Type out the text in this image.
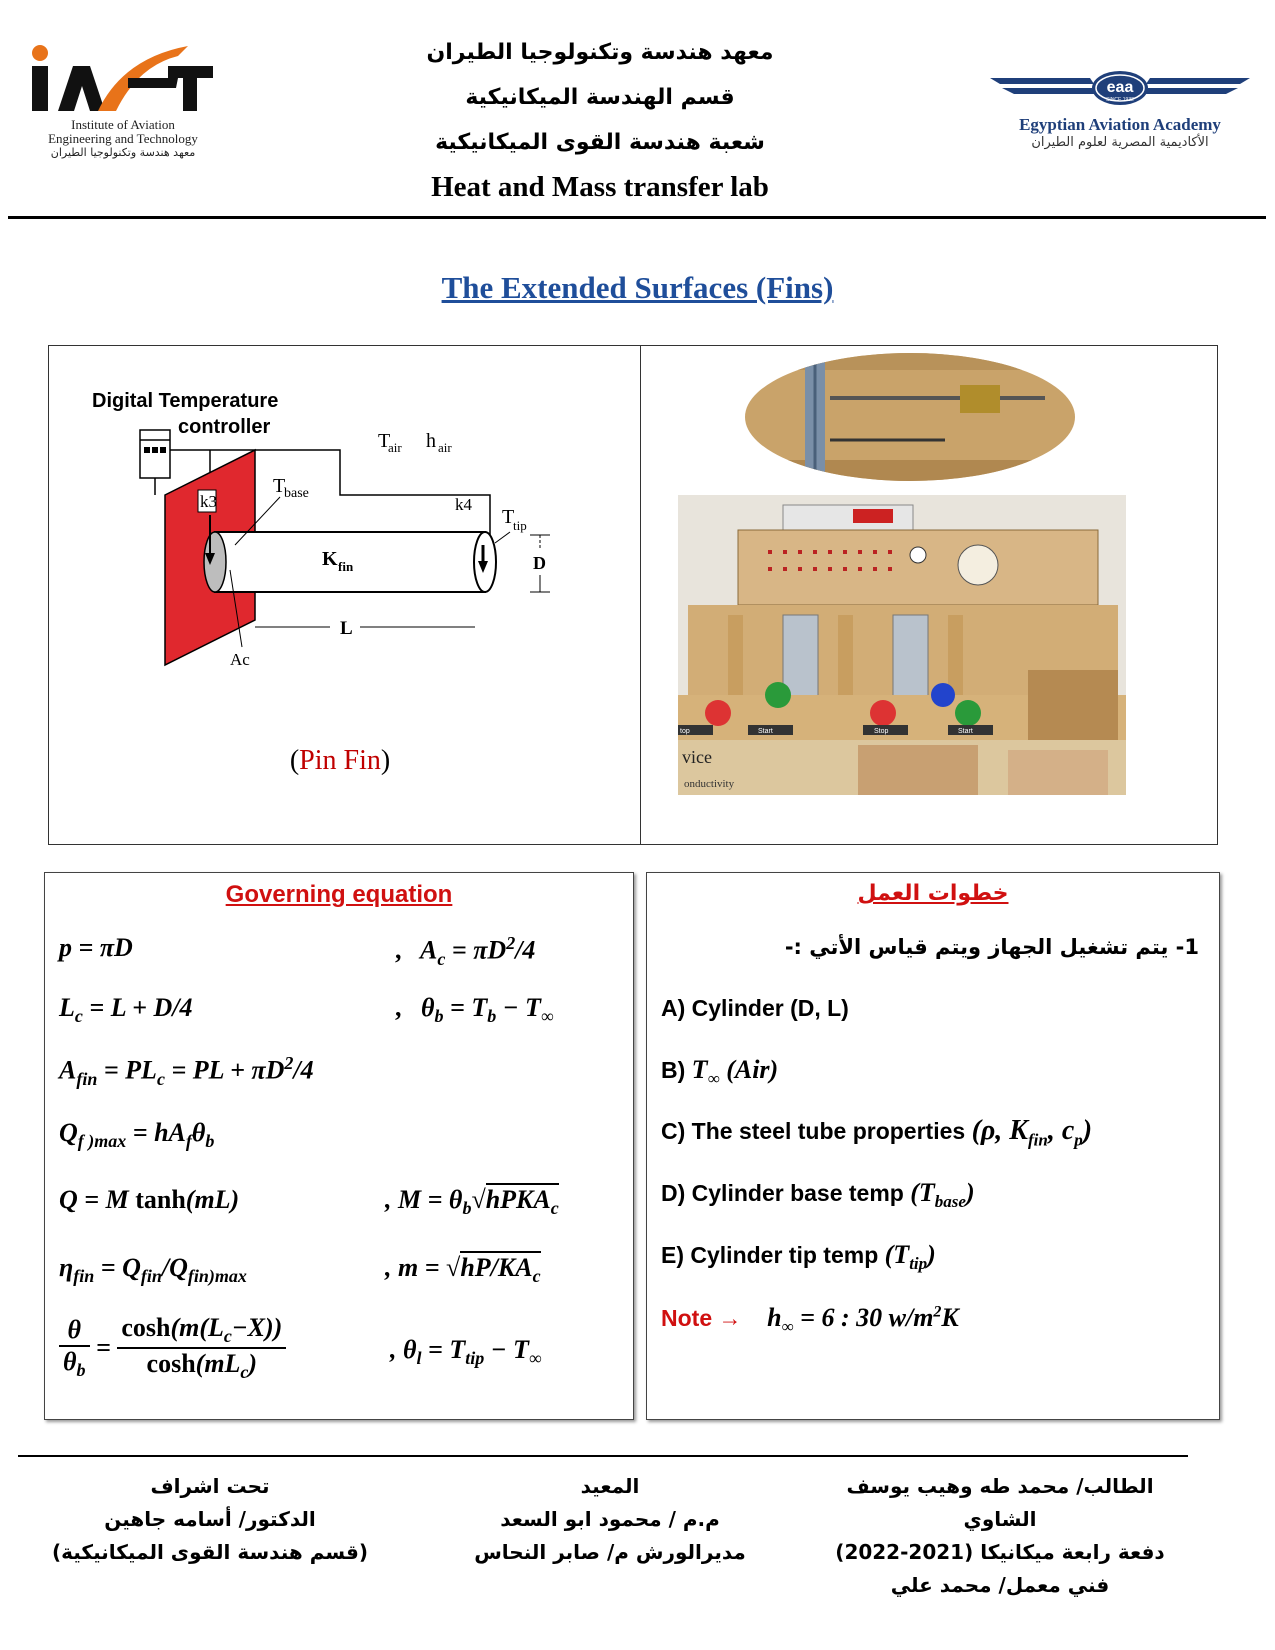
Institute of Aviation
Engineering and Technology
معهد هندسة وتكنولوجيا الطيران
معهد هندسة وتكنولوجيا الطيران
قسم الهندسة الميكانيكية
شعبة هندسة القوى الميكانيكية
Heat and Mass transfer lab
eaa
SINCE 1932
Egyptian Aviation Academy
الأكاديمية المصرية لعلوم الطيران
The Extended Surfaces (Fins)
Digital Temperature
controller
k3	k4
T
base
T
air h air
K fin
T
tip
D
L
Ac
(Pin Fin)
top	Start	Stop	Start
vice
onductivity
Governing equation
p = πD	,   $A_c = \pi D^2/4$
$L_c = L + D/4$	,   $\theta_b = T_b - T_\infty$
$A_{fin} = PL_c$ = PL + $\pi D^2/4$
$Q_{f )max} = hA_f\theta_b$
Q = M tanh(mL)	, $M = \theta_b√hPKA_c$
$\eta_{fin} = Q_{fin}/Q_{fin)max}$	, $m = √hP/KA_c$
$\frac{\theta}{\theta_b}$ =
$\cosh(m(L_c-X))$
$\cosh(mL_c)$	, $\theta_l = T_{tip} - T_\infty$
خطوات العمل
1- يتم تشغيل الجهاز ويتم قياس الأتي :-
A) Cylinder (D, L)
B) $T_\infty$ (Air)
C) The steel tube properties (ρ, $K_{fin}$, $c_p$)
D) Cylinder base temp $(T_{base})$
E) Cylinder tip temp $(T_{tip})$
Note → $h_\infty = 6$ : 30 $w/m^2K$
تحت اشراف
الدكتور/ أسامه جاهين
(قسم هندسة القوى الميكانيكية)
المعيد
م.م / محمود ابو السعد
مديرالورش م/ صابر النحاس
الطالب/ محمد طه وهيب يوسف الشاوي
دفعة رابعة ميكانيكا (2021-2022)
فني معمل/ محمد علي
